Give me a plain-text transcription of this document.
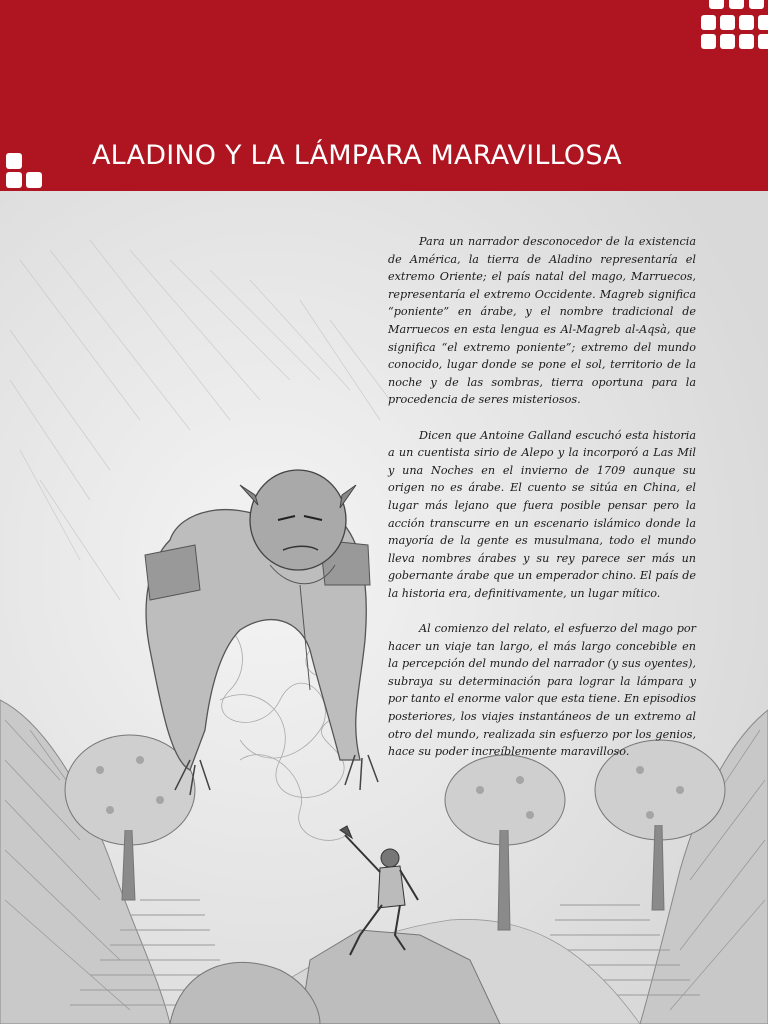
ALADINO Y LA LÁMPARA MARAVILLOSA

Para un narrador desconocedor de la existencia de América, la tierra de Aladino representaría el extremo Oriente; el país natal del mago, Marruecos, representaría el extremo Occidente. Magreb significa “poniente” en árabe, y el nombre tradicional de Marruecos en esta lengua es Al-Magreb al-Aqsà, que significa “el extremo poniente”; extremo del mundo conocido, lugar donde se pone el sol, territorio de la noche y de las sombras, tierra oportuna para la procedencia de seres misteriosos.

Dicen que Antoine Galland escuchó esta historia a un cuentista sirio de Alepo y la incorporó a Las Mil y una Noches en el invierno de 1709 aunque su origen no es árabe. El cuento se sitúa en China, el lugar más lejano que fuera posible pensar pero la acción transcurre en un escenario islámico donde la mayoría de la gente es musulmana, todo el mundo lleva nombres árabes y su rey parece ser más un gobernante árabe que un emperador chino. El país de la historia era, definitivamente, un lugar mítico.

Al comienzo del relato, el esfuerzo del mago por hacer un viaje tan largo, el más largo concebible en la percepción del mundo del narrador (y sus oyentes), subraya su determinación para lograr la lámpara y por tanto el enorme valor que esta tiene. En episodios posteriores, los viajes instantáneos de un extremo al otro del mundo, realizada sin esfuerzo por los genios, hace su poder increíblemente maravilloso.
